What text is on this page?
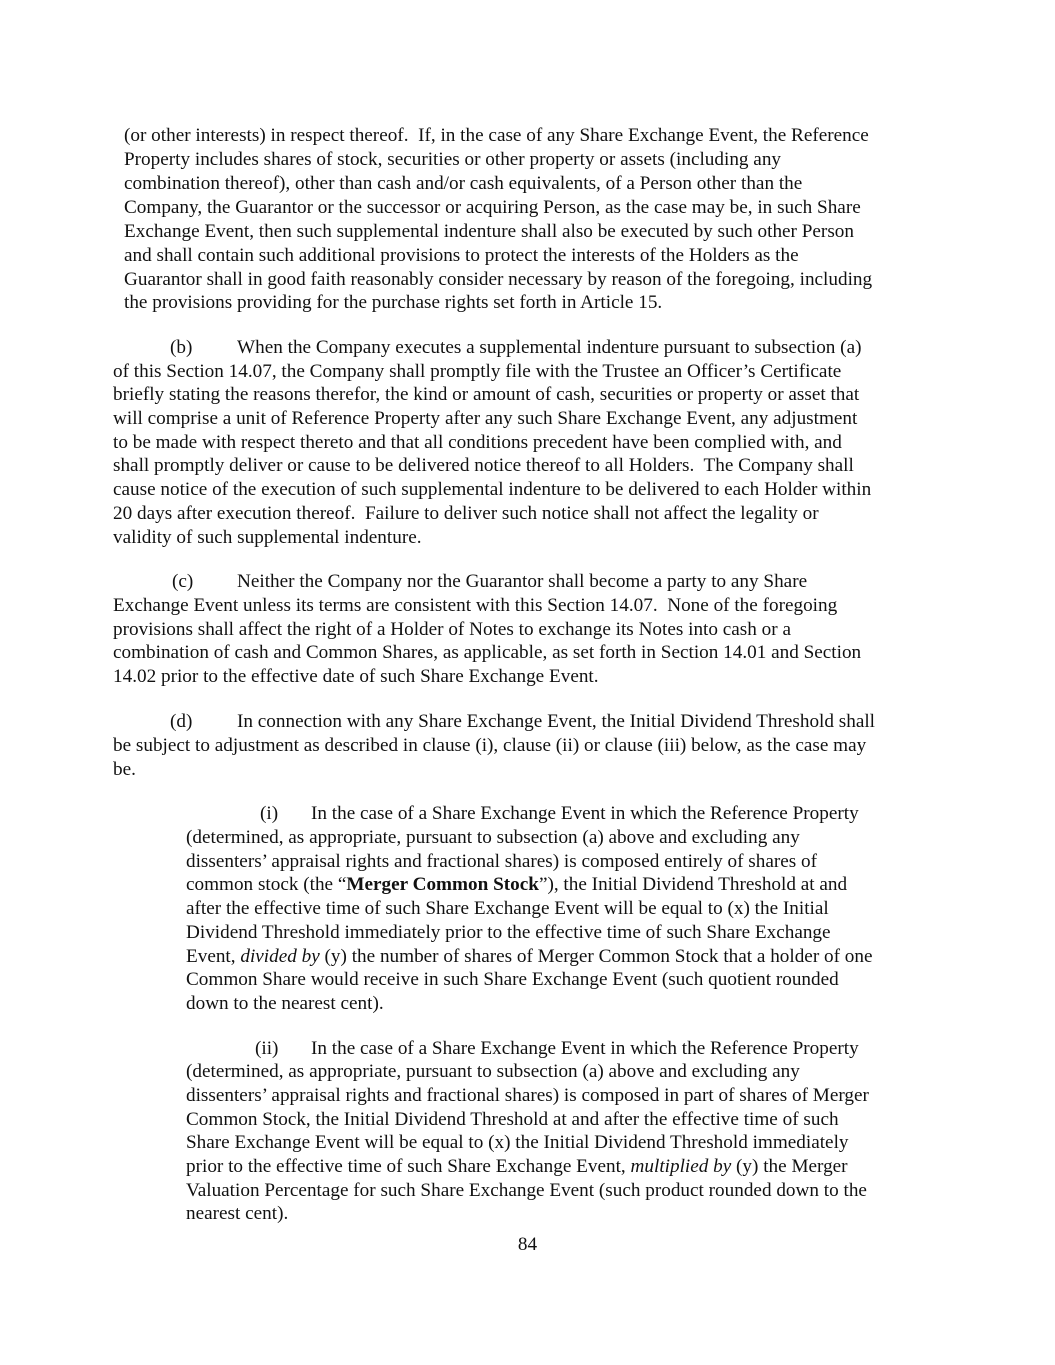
(or other interests) in respect thereof.  If, in the case of any Share Exchange Event, the Reference
Property includes shares of stock, securities or other property or assets (including any
combination thereof), other than cash and/or cash equivalents, of a Person other than the
Company, the Guarantor or the successor or acquiring Person, as the case may be, in such Share
Exchange Event, then such supplemental indenture shall also be executed by such other Person
and shall contain such additional provisions to protect the interests of the Holders as the
Guarantor shall in good faith reasonably consider necessary by reason of the foregoing, including
the provisions providing for the purchase rights set forth in Article 15.
(b) When the Company executes a supplemental indenture pursuant to subsection (a)
of this Section 14.07, the Company shall promptly file with the Trustee an Officer’s Certificate
briefly stating the reasons therefor, the kind or amount of cash, securities or property or asset that
will comprise a unit of Reference Property after any such Share Exchange Event, any adjustment
to be made with respect thereto and that all conditions precedent have been complied with, and
shall promptly deliver or cause to be delivered notice thereof to all Holders.  The Company shall
cause notice of the execution of such supplemental indenture to be delivered to each Holder within
20 days after execution thereof.  Failure to deliver such notice shall not affect the legality or
validity of such supplemental indenture.
(c) Neither the Company nor the Guarantor shall become a party to any Share
Exchange Event unless its terms are consistent with this Section 14.07.  None of the foregoing
provisions shall affect the right of a Holder of Notes to exchange its Notes into cash or a
combination of cash and Common Shares, as applicable, as set forth in Section 14.01 and Section
14.02 prior to the effective date of such Share Exchange Event.
(d) In connection with any Share Exchange Event, the Initial Dividend Threshold shall
be subject to adjustment as described in clause (i), clause (ii) or clause (iii) below, as the case may
be.
(i) In the case of a Share Exchange Event in which the Reference Property
(determined, as appropriate, pursuant to subsection (a) above and excluding any
dissenters’ appraisal rights and fractional shares) is composed entirely of shares of
common stock (the “Merger Common Stock”), the Initial Dividend Threshold at and
after the effective time of such Share Exchange Event will be equal to (x) the Initial
Dividend Threshold immediately prior to the effective time of such Share Exchange
Event, divided by (y) the number of shares of Merger Common Stock that a holder of one
Common Share would receive in such Share Exchange Event (such quotient rounded
down to the nearest cent).
(ii) In the case of a Share Exchange Event in which the Reference Property
(determined, as appropriate, pursuant to subsection (a) above and excluding any
dissenters’ appraisal rights and fractional shares) is composed in part of shares of Merger
Common Stock, the Initial Dividend Threshold at and after the effective time of such
Share Exchange Event will be equal to (x) the Initial Dividend Threshold immediately
prior to the effective time of such Share Exchange Event, multiplied by (y) the Merger
Valuation Percentage for such Share Exchange Event (such product rounded down to the
nearest cent).
84
